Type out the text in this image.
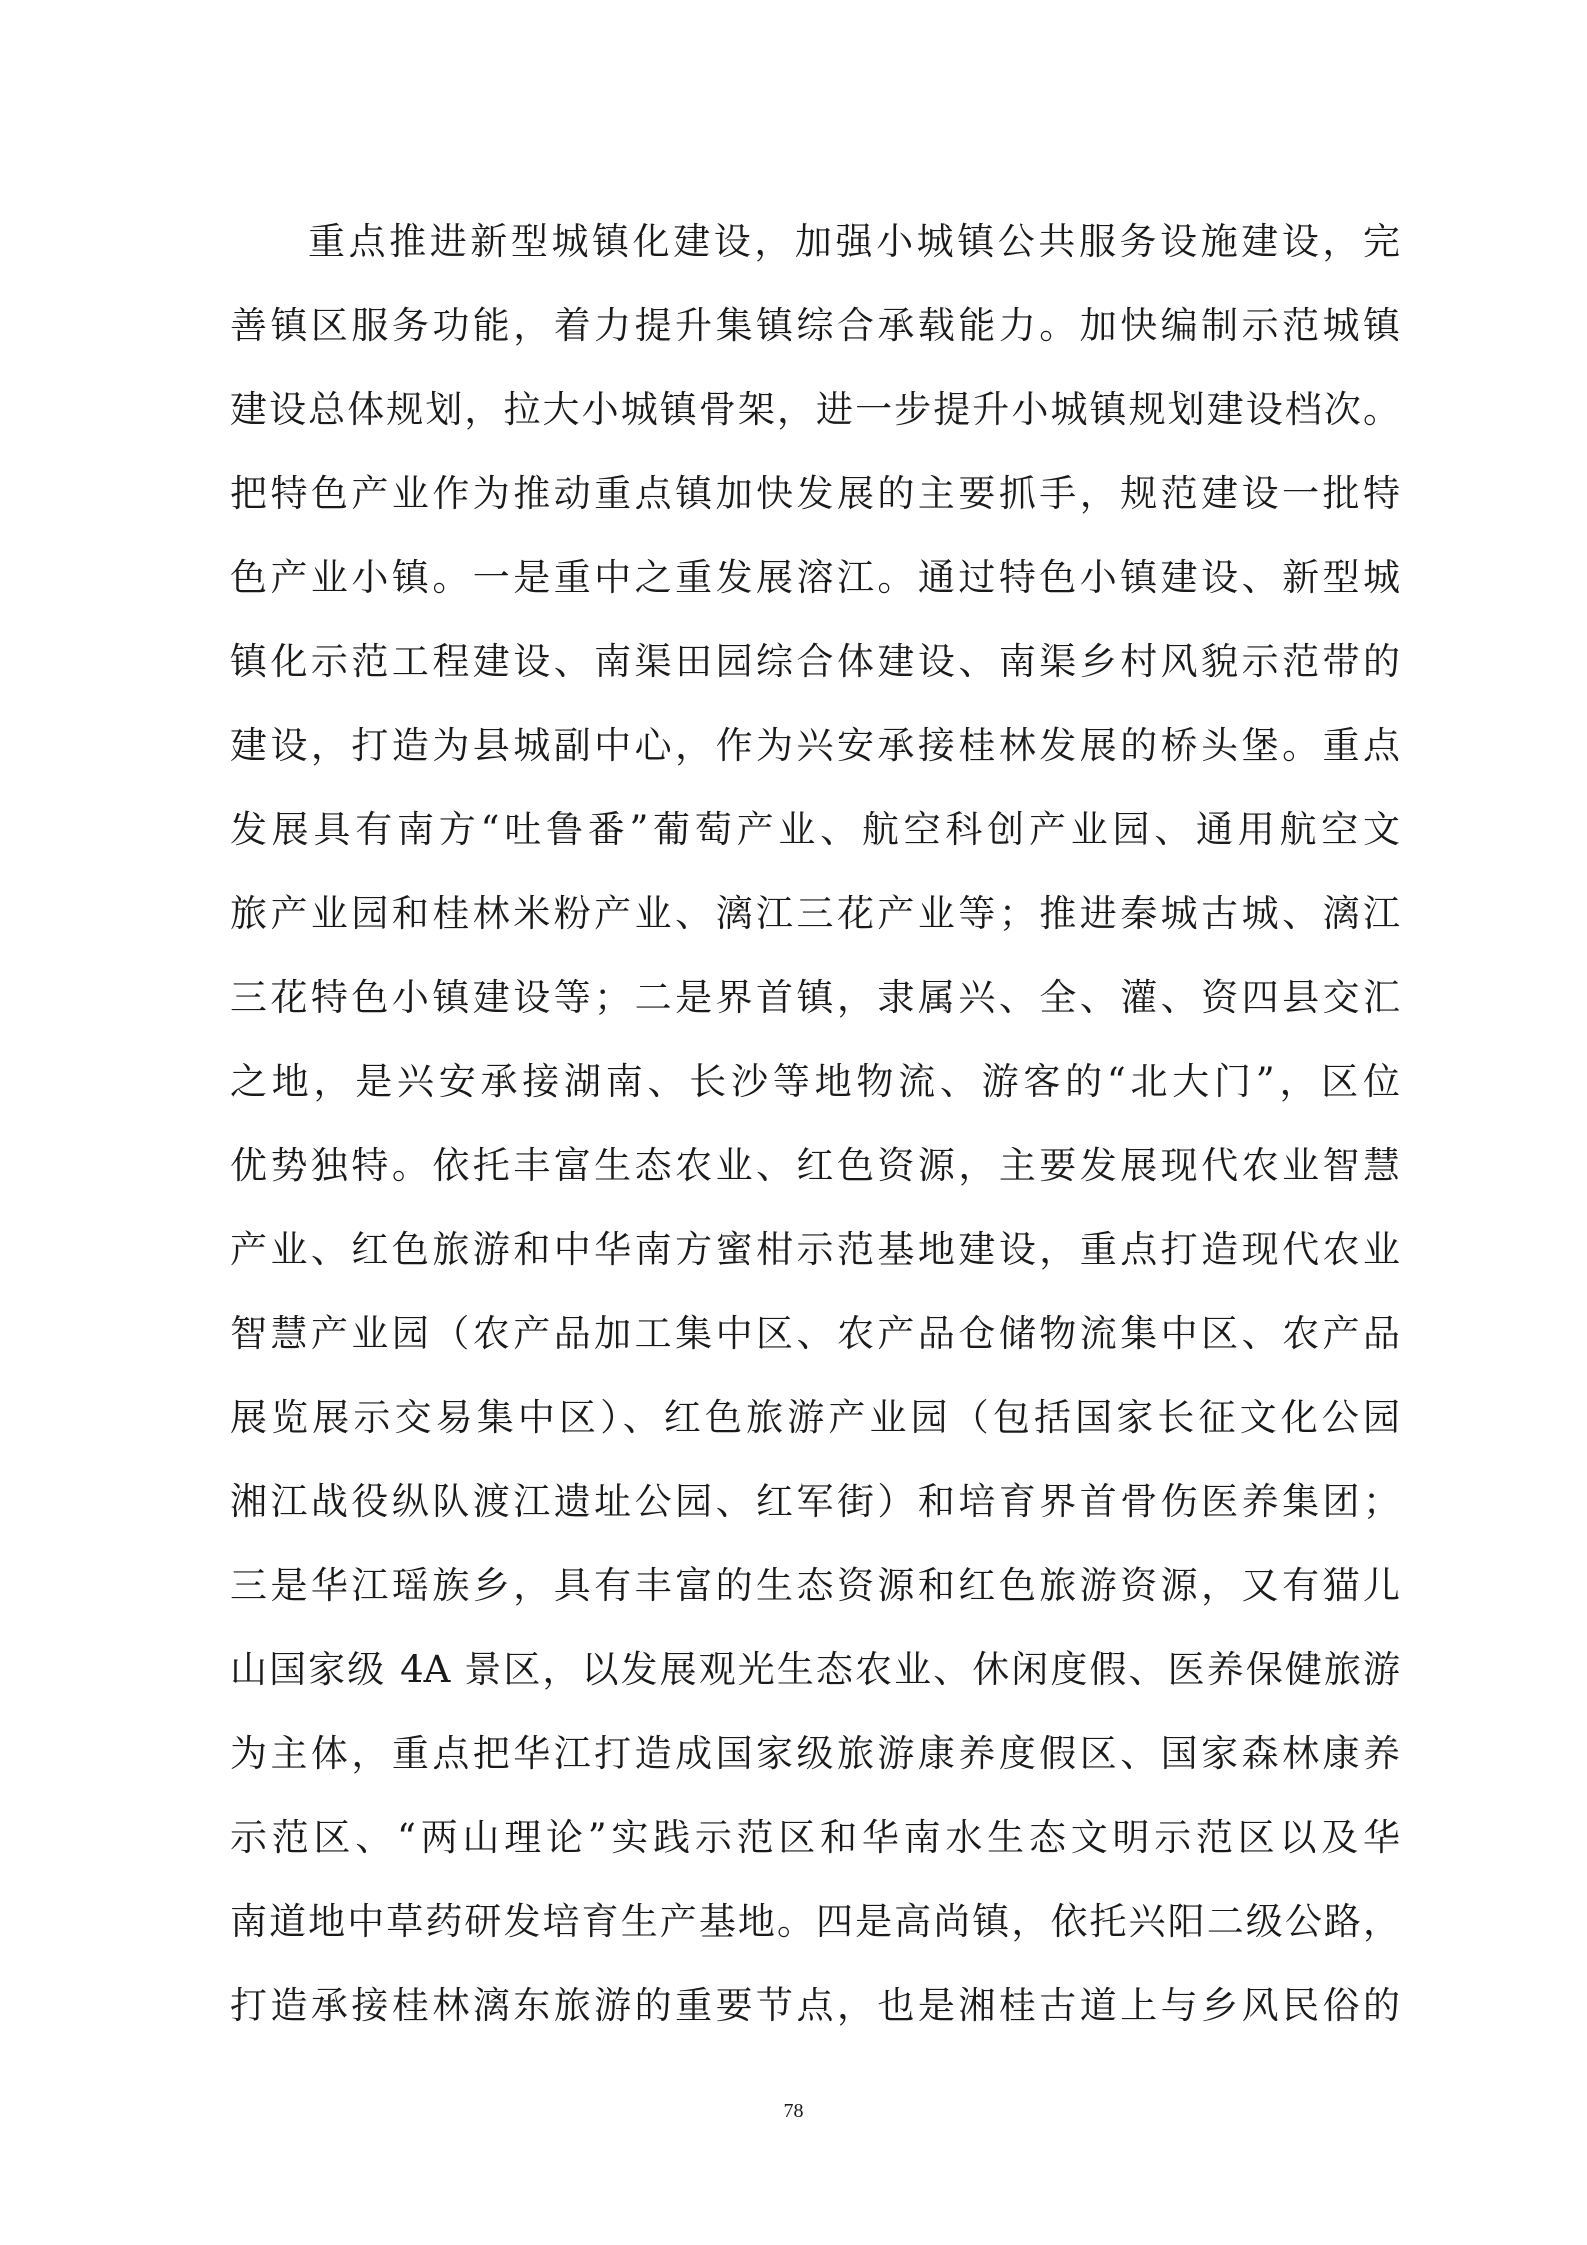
重点推进新型城镇化建设，加强小城镇公共服务设施建设，完
善镇区服务功能，着力提升集镇综合承载能力。加快编制示范城镇
建设总体规划，拉大小城镇骨架，进一步提升小城镇规划建设档次。
把特色产业作为推动重点镇加快发展的主要抓手，规范建设一批特
色产业小镇。一是重中之重发展溶江。通过特色小镇建设、新型城
镇化示范工程建设、南渠田园综合体建设、南渠乡村风貌示范带的
建设，打造为县城副中心，作为兴安承接桂林发展的桥头堡。重点
发展具有南方“吐鲁番”葡萄产业、航空科创产业园、通用航空文
旅产业园和桂林米粉产业、漓江三花产业等；推进秦城古城、漓江
三花特色小镇建设等；二是界首镇，隶属兴、全、灌、资四县交汇
之地，是兴安承接湖南、长沙等地物流、游客的“北大门”，区位
优势独特。依托丰富生态农业、红色资源，主要发展现代农业智慧
产业、红色旅游和中华南方蜜柑示范基地建设，重点打造现代农业
智慧产业园（农产品加工集中区、农产品仓储物流集中区、农产品
展览展示交易集中区）、红色旅游产业园（包括国家长征文化公园
湘江战役纵队渡江遗址公园、红军街）和培育界首骨伤医养集团；
三是华江瑶族乡，具有丰富的生态资源和红色旅游资源，又有猫儿
山国家级 4A 景区，以发展观光生态农业、休闲度假、医养保健旅游
为主体，重点把华江打造成国家级旅游康养度假区、国家森林康养
示范区、“两山理论”实践示范区和华南水生态文明示范区以及华
南道地中草药研发培育生产基地。四是高尚镇，依托兴阳二级公路，
打造承接桂林漓东旅游的重要节点，也是湘桂古道上与乡风民俗的
78
